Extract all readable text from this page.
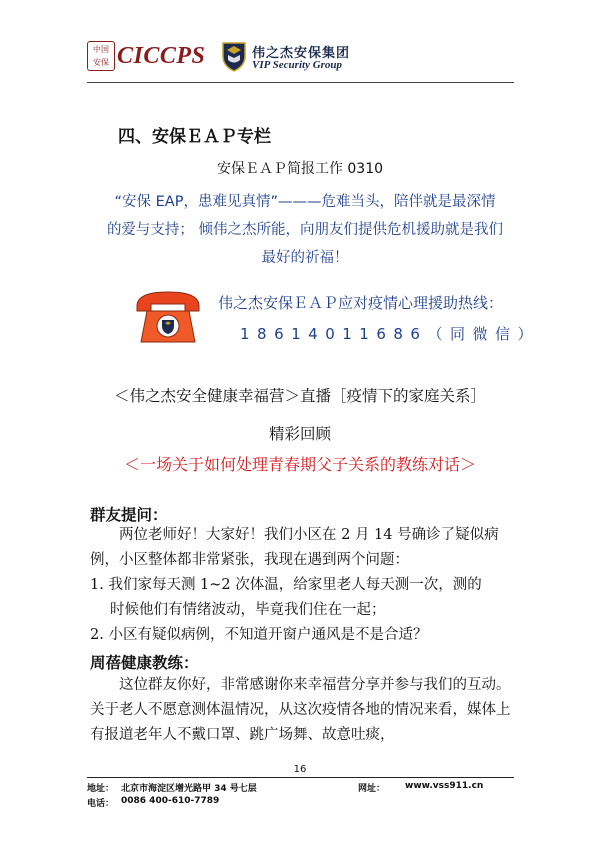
中国安保 CICCPS	伟之杰安保集团
VIP Security Group
四、安保ＥＡＰ专栏
安保ＥＡＰ简报工作 0310
“安保 EAP，患难见真情”———危难当头，陪伴就是最深情
的爱与支持； 倾伟之杰所能，向朋友们提供危机援助就是我们
最好的祈福！
伟之杰安保ＥＡＰ应对疫情心理援助热线：
18614011686（同微信）
＜伟之杰安全健康幸福营＞直播［疫情下的家庭关系］
精彩回顾
＜一场关于如何处理青春期父子关系的教练对话＞
群友提问：
两位老师好！大家好！我们小区在 2 月 14 号确诊了疑似病例，小区整体都非常紧张，我现在遇到两个问题：
1. 我们家每天测 1~2 次体温，给家里老人每天测一次，测的
时候他们有情绪波动，毕竟我们住在一起；
2. 小区有疑似病例，不知道开窗户通风是不是合适？
周蓓健康教练：
这位群友你好，非常感谢你来幸福营分享并参与我们的互动。关于老人不愿意测体温情况，从这次疫情各地的情况来看，媒体上有报道老年人不戴口罩、跳广场舞、故意吐痰，
16
地址： 北京市海淀区增光路甲 34 号七层	网址： www.vss911.cn
电话： 0086 400-610-7789
